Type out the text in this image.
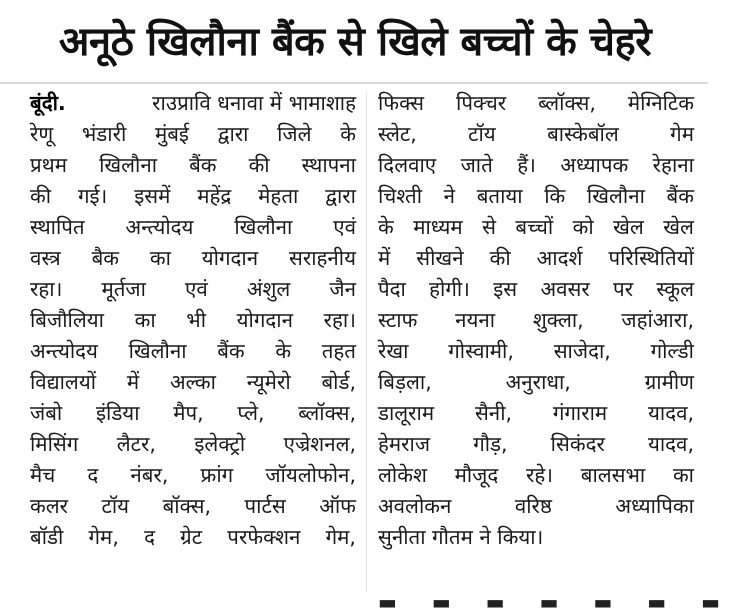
अनूठे खिलौना बैंक से खिले बच्चों के चेहरे
बूंदी.	राउप्रावि धनावा में भामाशाह
रेणू भंडारी मुंबई द्वारा जिले के
प्रथम खिलौना बैंक की स्थापना
की गई। इसमें महेंद्र मेहता द्वारा
स्थापित अन्त्योदय खिलौना एवं
वस्त्र बैक का योगदान सराहनीय
रहा। मूर्तजा एवं अंशुल जैन
बिजौलिया का भी योगदान रहा।
अन्त्योदय खिलौना बैंक के तहत
विद्यालयों में अल्का न्यूमेरो बोर्ड,
जंबो इंडिया मैप, प्ले, ब्लॉक्स,
मिसिंग लैटर, इलेक्ट्रो एज्रेशनल,
मैच द नंबर, फ्रांग जॉयलोफोन,
कलर टॉय बॉक्स, पार्टस ऑफ
बॉडी गेम, द ग्रेट परफेक्शन गेम,
फिक्स पिक्चर ब्लॉक्स, मेग्निटिक
स्लेट,	टॉय	बास्केबॉल	गेम
दिलवाए जाते हैं। अध्यापक रेहाना
चिश्ती ने बताया कि खिलौना बैंक
के माध्यम से बच्चों को खेल खेल
में सीखने की आदर्श परिस्थितियों
पैदा होगी। इस अवसर पर स्कूल
स्टाफ नयना शुक्ला, जहांआरा,
रेखा गोस्वामी, साजेदा, गोल्डी
बिड़ला,	अनुराधा,	ग्रामीण
डालूराम सैनी, गंगाराम यादव,
हेमराज गौड़, सिकंदर यादव,
लोकेश मौजूद रहे। बालसभा का
अवलोकन	वरिष्ठ	अध्यापिका
सुनीता गौतम ने किया।
▬ ▬ ▬ ▬ ▬ ▬ ▬
